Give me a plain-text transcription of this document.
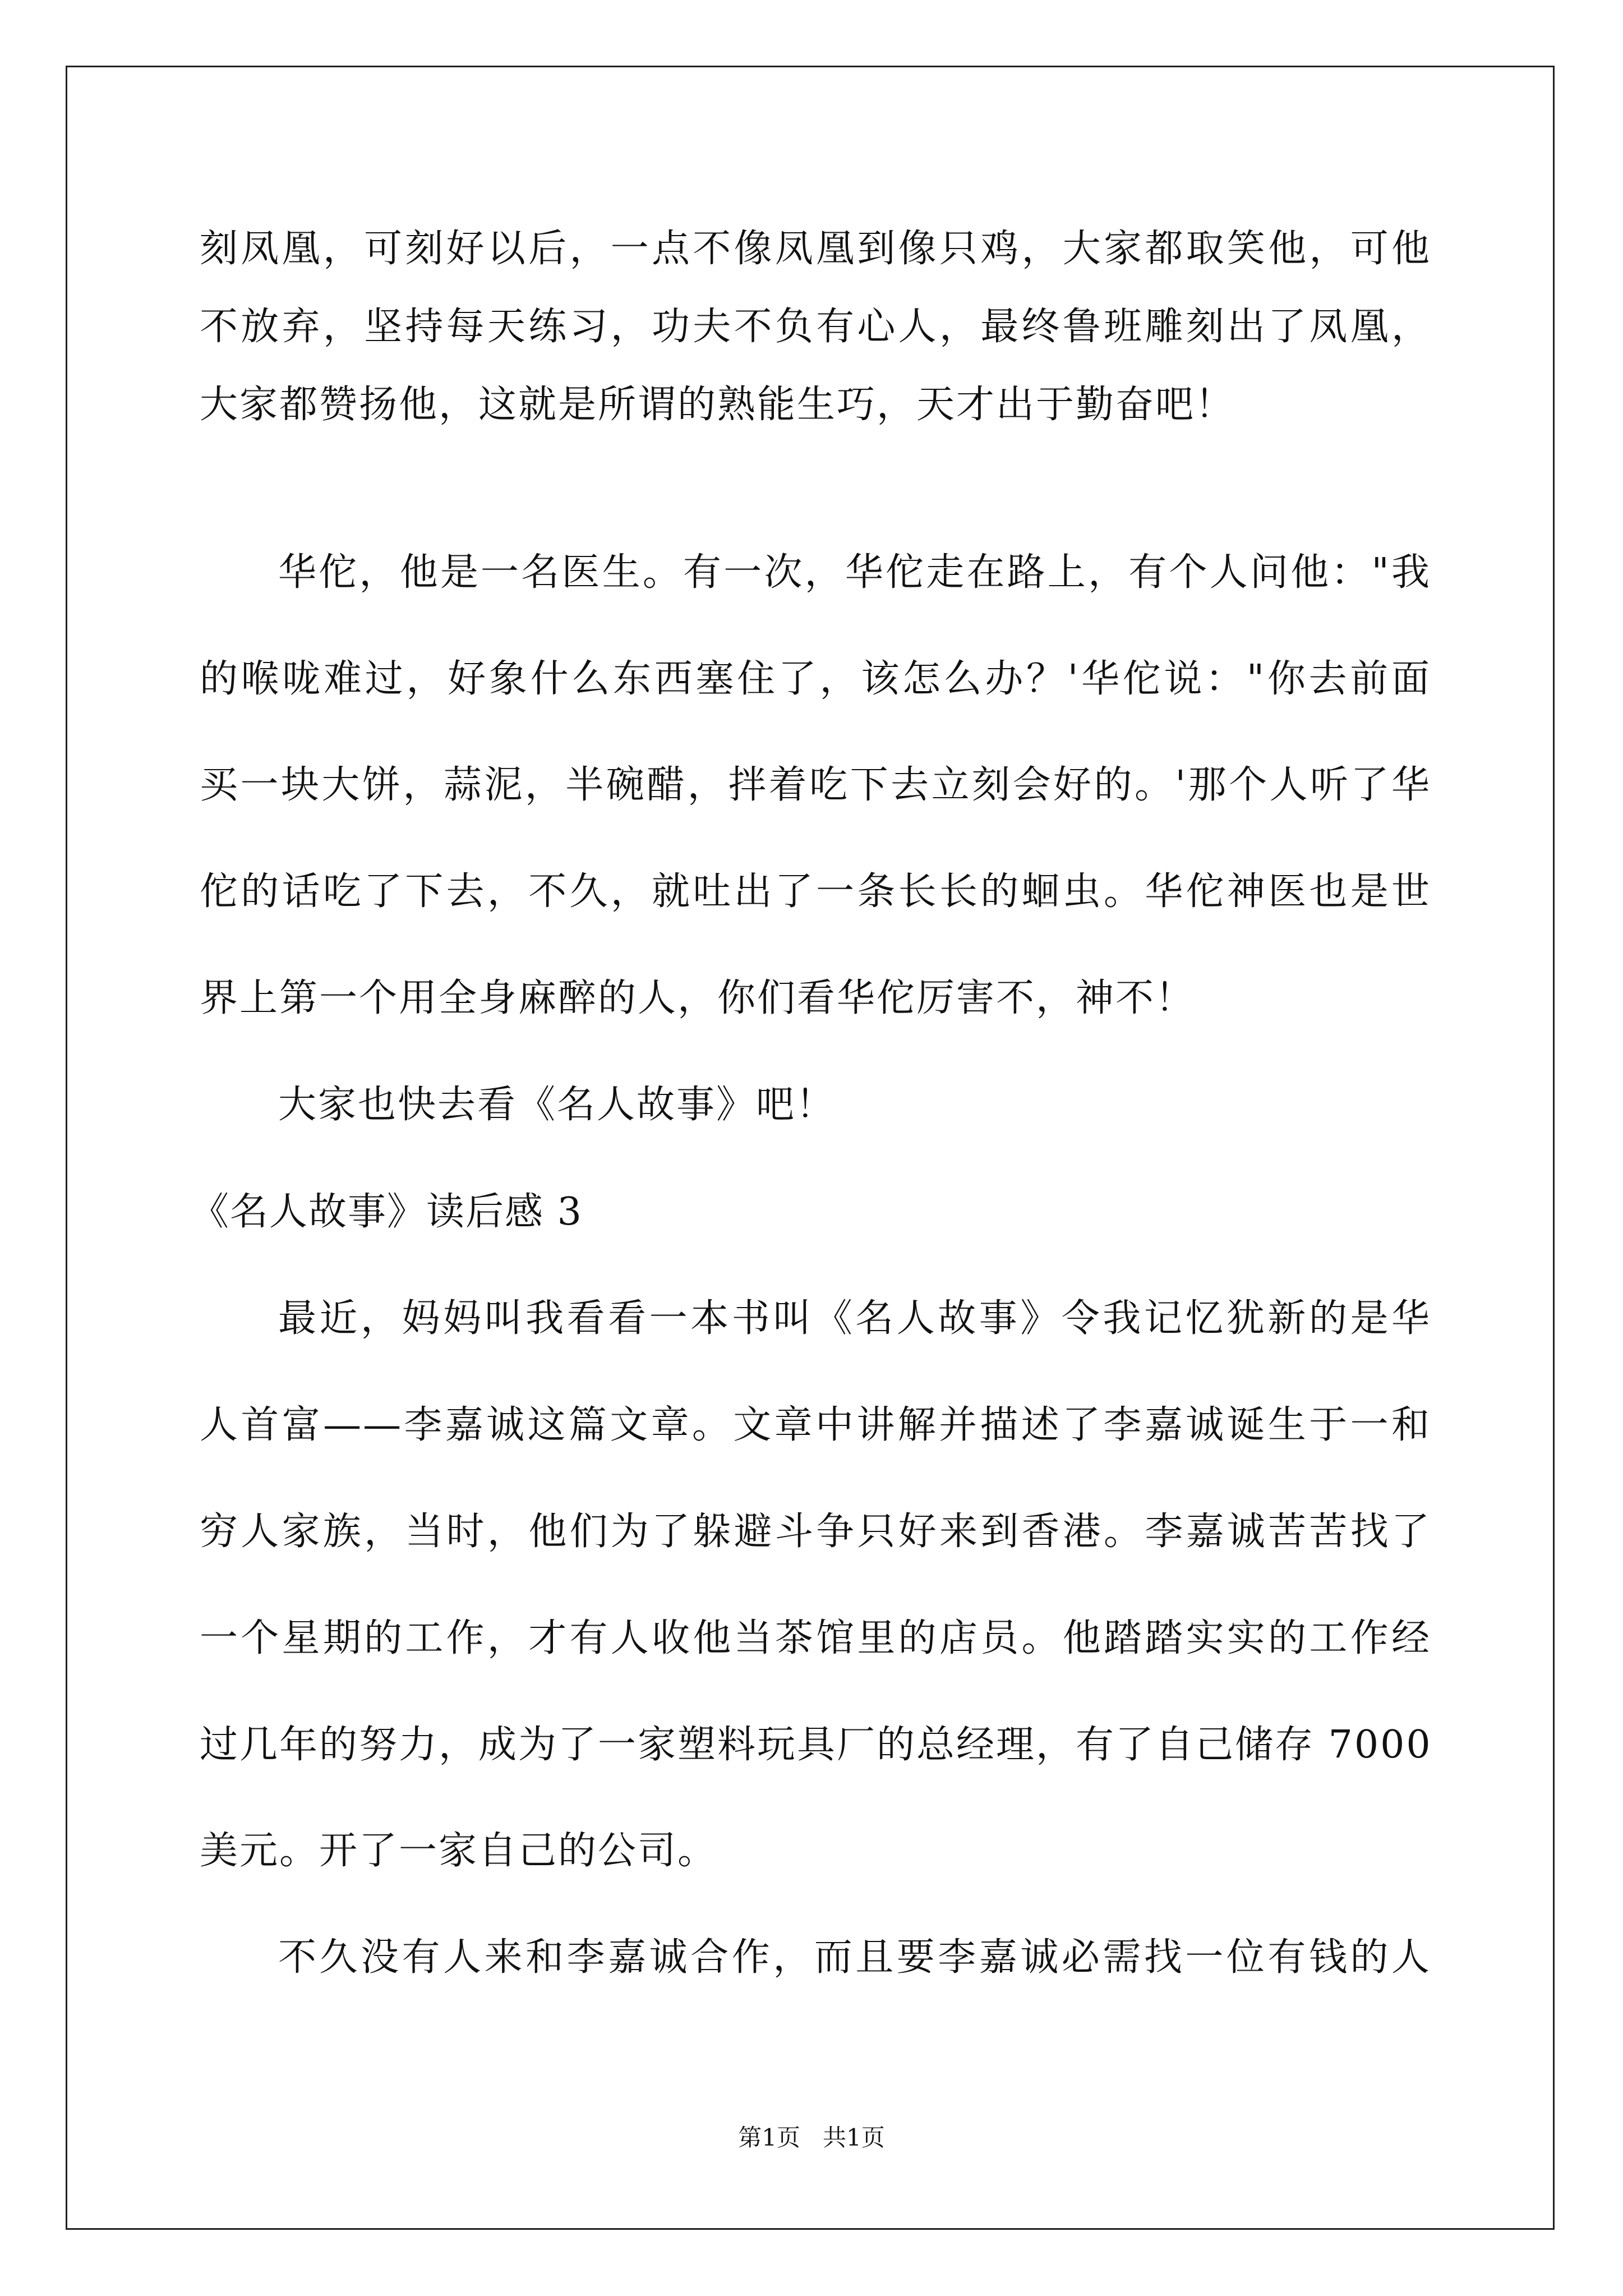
刻凤凰，可刻好以后，一点不像凤凰到像只鸡，大家都取笑他，可他
不放弃，坚持每天练习，功夫不负有心人，最终鲁班雕刻出了凤凰，
大家都赞扬他，这就是所谓的熟能生巧，天才出于勤奋吧！
华佗，他是一名医生。有一次，华佗走在路上，有个人问他："我
的喉咙难过，好象什么东西塞住了，该怎么办？'华佗说："你去前面
买一块大饼，蒜泥，半碗醋，拌着吃下去立刻会好的。'那个人听了华
佗的话吃了下去，不久，就吐出了一条长长的蛔虫。华佗神医也是世
界上第一个用全身麻醉的人，你们看华佗厉害不，神不！
大家也快去看《名人故事》吧！
《名人故事》读后感 3
最近，妈妈叫我看看一本书叫《名人故事》令我记忆犹新的是华
人首富——李嘉诚这篇文章。文章中讲解并描述了李嘉诚诞生于一和
穷人家族，当时，他们为了躲避斗争只好来到香港。李嘉诚苦苦找了
一个星期的工作，才有人收他当茶馆里的店员。他踏踏实实的工作经
过几年的努力，成为了一家塑料玩具厂的总经理，有了自己储存 7000
美元。开了一家自己的公司。
不久没有人来和李嘉诚合作，而且要李嘉诚必需找一位有钱的人
第1页   共1页
